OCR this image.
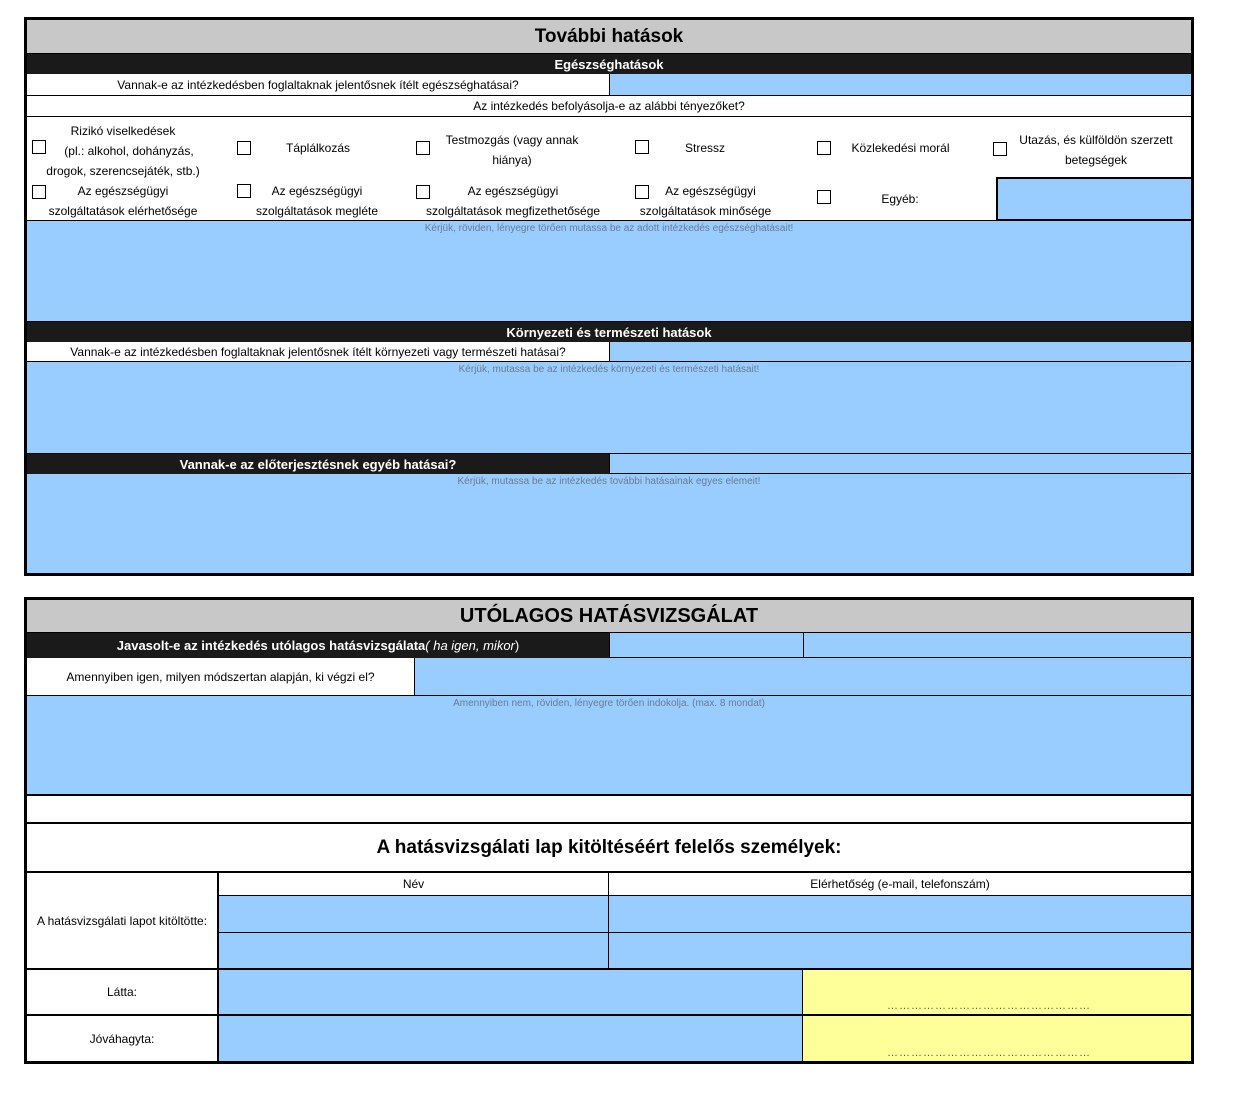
További hatások
Egészséghatások
Vannak-e az intézkedésben foglaltaknak jelentősnek ítélt egészséghatásai?
Az intézkedés befolyásolja-e az alábbi tényezőket?
Rizikó viselkedések
(pl.: alkohol, dohányzás,
drogok, szerencsejáték, stb.)
Táplálkozás
Testmozgás (vagy annak
hiánya)
Stressz	Közlekedési morál
Utazás, és külföldön szerzett
betegségek
Az egészségügyi
szolgáltatások elérhetősége
Az egészségügyi
szolgáltatások megléte
Az egészségügyi
szolgáltatások megfizethetősége
Az egészségügyi
szolgáltatások minősége
Egyéb:
Kérjük, röviden, lényegre törően mutassa be az adott intézkedés egészséghatásait!
Környezeti és természeti hatások
Vannak-e az intézkedésben foglaltaknak jelentősnek ítélt környezeti vagy természeti hatásai?
Kérjük, mutassa be az intézkedés környezeti és természeti hatásait!
Vannak-e az előterjesztésnek egyéb hatásai?
Kérjük, mutassa be az intézkedés további hatásainak egyes elemeit!
UTÓLAGOS HATÁSVIZSGÁLAT
Javasolt-e az intézkedés utólagos hatásvizsgálata ( ha igen, mikor )
Amennyiben igen, milyen módszertan alapján, ki végzi el?
Amennyiben nem, röviden, lényegre törően indokolja. (max. 8 mondat)
A hatásvizsgálati lap kitöltéséért felelős személyek:
A hatásvizsgálati lapot kitöltötte:
Név	Elérhetőség (e-mail, telefonszám)
Látta:
……………………………………………
Jóváhagyta:
……………………………………………
